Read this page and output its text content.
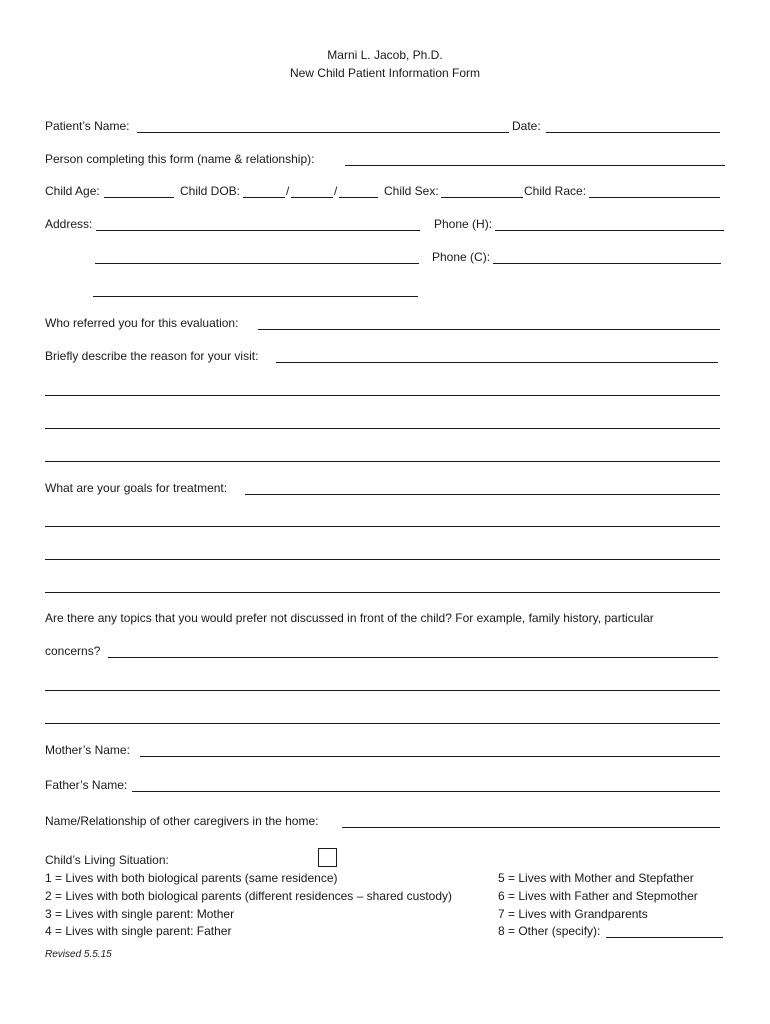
Marni L. Jacob, Ph.D.
New Child Patient Information Form
Patient’s Name:	Date:
Person completing this form (name & relationship):
Child Age:	Child DOB:	/	/	Child Sex:	Child Race:
Address:	Phone (H):
Phone (C):
Who referred you for this evaluation:
Briefly describe the reason for your visit:
What are your goals for treatment:
Are there any topics that you would prefer not discussed in front of the child? For example, family history, particular
concerns?
Mother’s Name:
Father’s Name:
Name/Relationship of other caregivers in the home:
Child’s Living Situation:
1 = Lives with both biological parents (same residence)
2 = Lives with both biological parents (different residences – shared custody)
3 = Lives with single parent: Mother
4 = Lives with single parent: Father
5 = Lives with Mother and Stepfather
6 = Lives with Father and Stepmother
7 = Lives with Grandparents
8 = Other (specify):
Revised 5.5.15
